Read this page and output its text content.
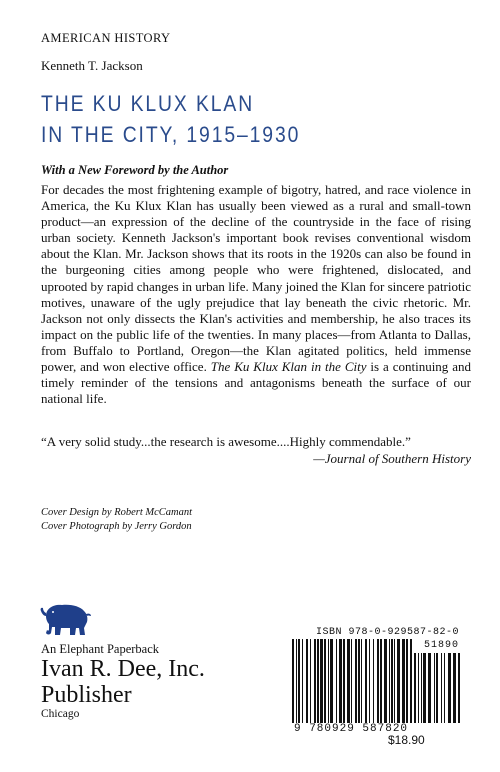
AMERICAN HISTORY
Kenneth T. Jackson
THE KU KLUX KLAN
IN THE CITY, 1915–1930
With a New Foreword by the Author
For decades the most frightening example of bigotry, hatred, and race violence in America, the Ku Klux Klan has usually been viewed as a rural and small-town product—an expression of the decline of the countryside in the face of rising urban society. Kenneth Jackson's important book revises conventional wisdom about the Klan. Mr. Jackson shows that its roots in the 1920s can also be found in the burgeoning cities among people who were frightened, dislocated, and uprooted by rapid changes in urban life. Many joined the Klan for sincere patriotic motives, unaware of the ugly prejudice that lay beneath the civic rhetoric. Mr. Jackson not only dissects the Klan's activities and membership, he also traces its impact on the public life of the twenties. In many places—from Atlanta to Dallas, from Buffalo to Portland, Oregon—the Klan agitated politics, held immense power, and won elective office. The Ku Klux Klan in the City is a continuing and timely reminder of the tensions and antagonisms beneath the surface of our national life.
“A very solid study...the research is awesome....Highly commendable.”
—Journal of Southern History
Cover Design by Robert McCamant
Cover Photograph by Jerry Gordon
An Elephant Paperback
Ivan R. Dee, Inc.
Publisher
Chicago
ISBN 978-0-929587-82-0
51890
9 780929 587820
$18.90
